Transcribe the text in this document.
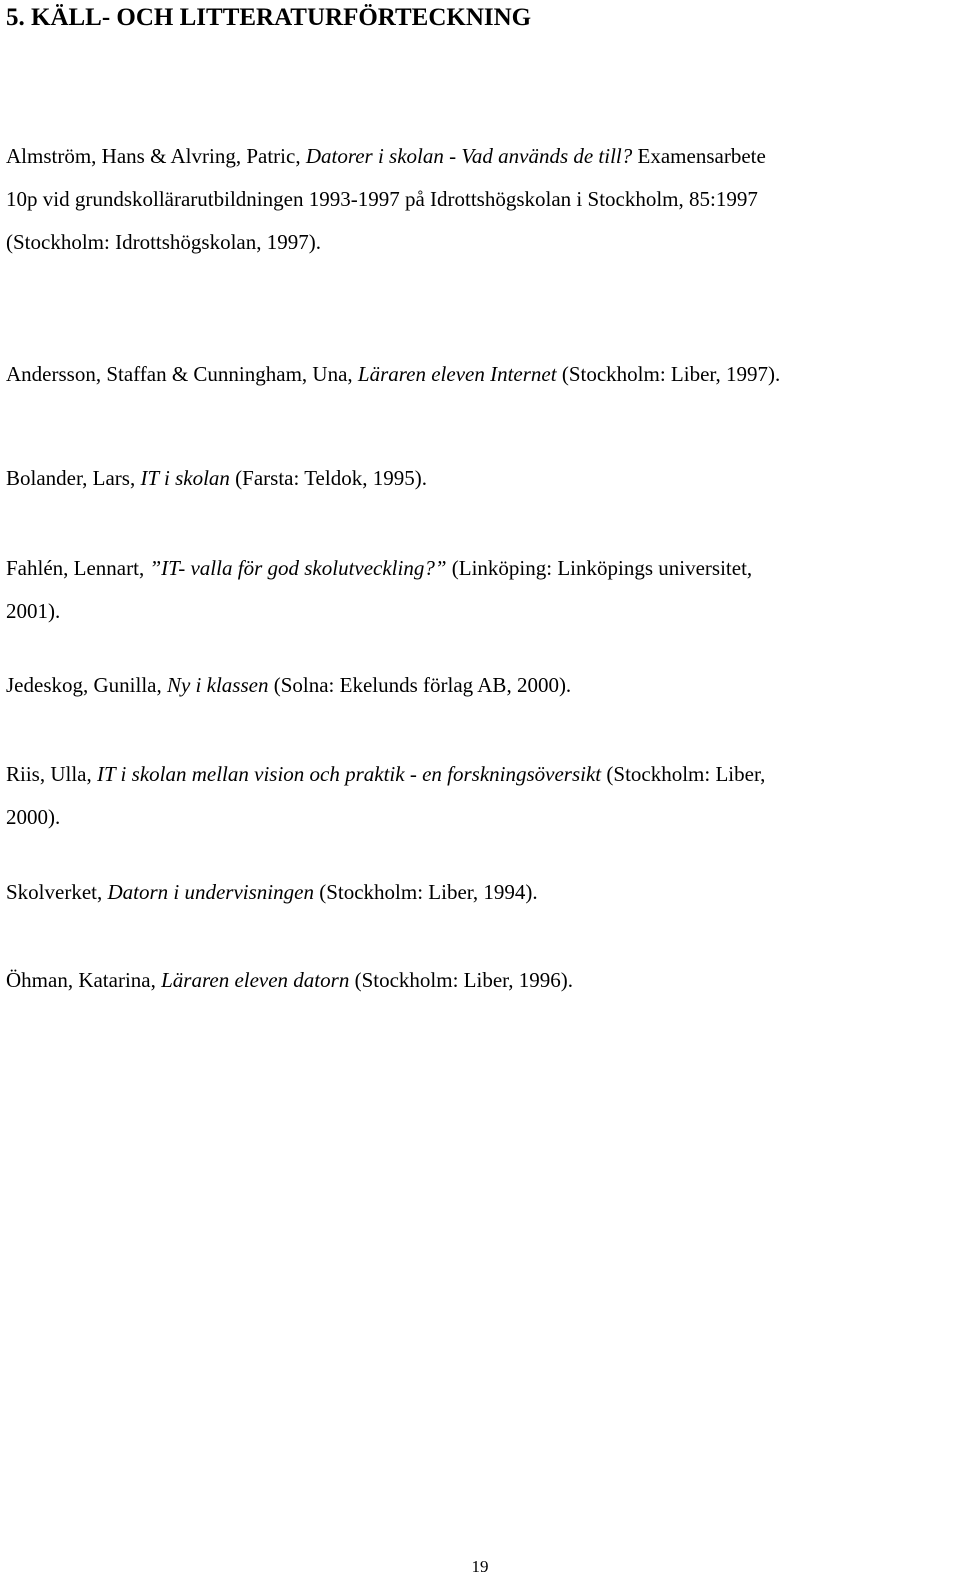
5. KÄLL- OCH LITTERATURFÖRTECKNING

Almström, Hans & Alvring, Patric, Datorer i skolan - Vad används de till? Examensarbete
10p vid grundskollärarutbildningen 1993-1997 på Idrottshögskolan i Stockholm, 85:1997
(Stockholm: Idrottshögskolan, 1997).

Andersson, Staffan & Cunningham, Una, Läraren eleven Internet (Stockholm: Liber, 1997).

Bolander, Lars, IT i skolan (Farsta: Teldok, 1995).

Fahlén, Lennart, ”IT- valla för god skolutveckling?” (Linköping: Linköpings universitet,
2001).

Jedeskog, Gunilla, Ny i klassen (Solna: Ekelunds förlag AB, 2000).

Riis, Ulla, IT i skolan mellan vision och praktik - en forskningsöversikt (Stockholm: Liber,
2000).

Skolverket, Datorn i undervisningen (Stockholm: Liber, 1994).

Öhman, Katarina, Läraren eleven datorn (Stockholm: Liber, 1996).

19
